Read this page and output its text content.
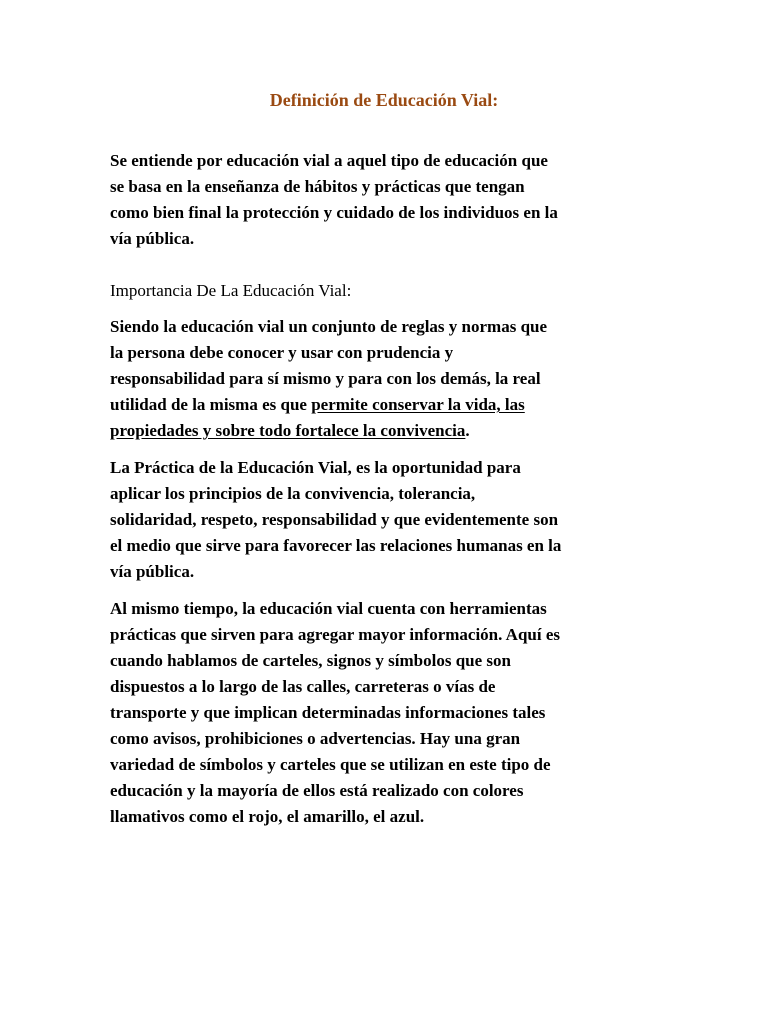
Definición de Educación Vial:

Se entiende por educación vial a aquel tipo de educación que

se basa en la enseñanza de hábitos y prácticas que tengan

como bien final la protección y cuidado de los individuos en la

vía pública.

Importancia De La Educación Vial:

Siendo la educación vial un conjunto de reglas y normas que

la persona debe conocer y usar con prudencia y

responsabilidad para sí mismo y para con los demás, la real

utilidad de la misma es que permite conservar la vida, las

propiedades y sobre todo fortalece la convivencia.

La Práctica de la Educación Vial, es la oportunidad para

aplicar los principios de la convivencia, tolerancia,

solidaridad, respeto, responsabilidad y que evidentemente son

el medio que sirve para favorecer las relaciones humanas en la

vía pública.

Al mismo tiempo, la educación vial cuenta con herramientas

prácticas que sirven para agregar mayor información. Aquí es

cuando hablamos de carteles, signos y símbolos que son

dispuestos a lo largo de las calles, carreteras o vías de

transporte y que implican determinadas informaciones tales

como avisos, prohibiciones o advertencias. Hay una gran

variedad de símbolos y carteles que se utilizan en este tipo de

educación y la mayoría de ellos está realizado con colores

llamativos como el rojo, el amarillo, el azul.
